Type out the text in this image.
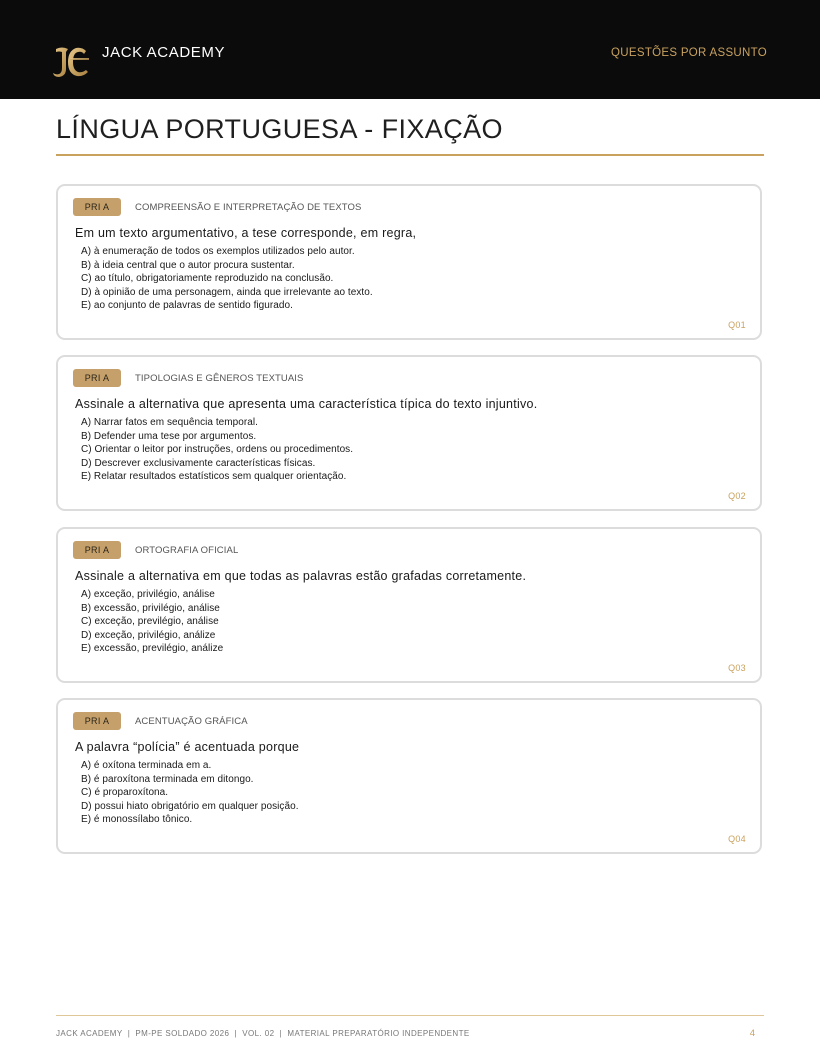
JACK ACADEMY	QUESTÕES POR ASSUNTO
LÍNGUA PORTUGUESA - FIXAÇÃO
PRI A	COMPREENSÃO E INTERPRETAÇÃO DE TEXTOS
Em um texto argumentativo, a tese corresponde, em regra,
A) à enumeração de todos os exemplos utilizados pelo autor.
B) à ideia central que o autor procura sustentar.
C) ao título, obrigatoriamente reproduzido na conclusão.
D) à opinião de uma personagem, ainda que irrelevante ao texto.
E) ao conjunto de palavras de sentido figurado.
Q01
PRI A	TIPOLOGIAS E GÊNEROS TEXTUAIS
Assinale a alternativa que apresenta uma característica típica do texto injuntivo.
A) Narrar fatos em sequência temporal.
B) Defender uma tese por argumentos.
C) Orientar o leitor por instruções, ordens ou procedimentos.
D) Descrever exclusivamente características físicas.
E) Relatar resultados estatísticos sem qualquer orientação.
Q02
PRI A	ORTOGRAFIA OFICIAL
Assinale a alternativa em que todas as palavras estão grafadas corretamente.
A) exceção, privilégio, análise
B) excessão, privilégio, análise
C) exceção, previlégio, análise
D) exceção, privilégio, análize
E) excessão, previlégio, análize
Q03
PRI A	ACENTUAÇÃO GRÁFICA
A palavra “polícia” é acentuada porque
A) é oxítona terminada em a.
B) é paroxítona terminada em ditongo.
C) é proparoxítona.
D) possui hiato obrigatório em qualquer posição.
E) é monossílabo tônico.
Q04
JACK ACADEMY  |  PM-PE SOLDADO 2026  |  VOL. 02  |  MATERIAL PREPARATÓRIO INDEPENDENTE	4
